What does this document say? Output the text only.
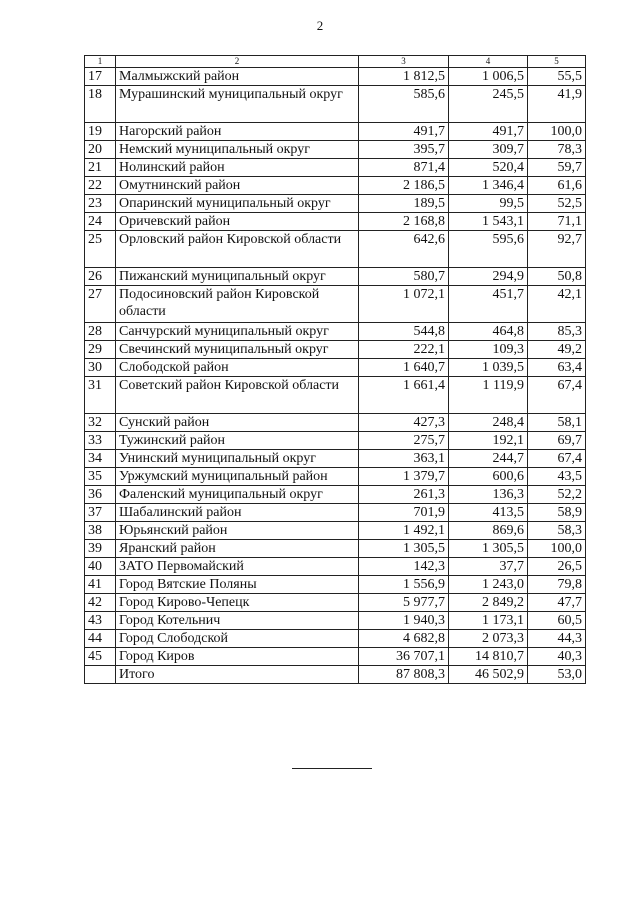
2
1	2	3	4	5
17	Малмыжский район	1 812,5	1 006,5	55,5
18	Мурашинский муниципальный округ	585,6	245,5	41,9
19	Нагорский район	491,7	491,7	100,0
20	Немский муниципальный округ	395,7	309,7	78,3
21	Нолинский район	871,4	520,4	59,7
22	Омутнинский район	2 186,5	1 346,4	61,6
23	Опаринский муниципальный округ	189,5	99,5	52,5
24	Оричевский район	2 168,8	1 543,1	71,1
25	Орловский район Кировской области	642,6	595,6	92,7
26	Пижанский муниципальный округ	580,7	294,9	50,8
27	Подосиновский район Кировской области	1 072,1	451,7	42,1
28	Санчурский муниципальный округ	544,8	464,8	85,3
29	Свечинский муниципальный округ	222,1	109,3	49,2
30	Слободской район	1 640,7	1 039,5	63,4
31	Советский район Кировской области	1 661,4	1 119,9	67,4
32	Сунский район	427,3	248,4	58,1
33	Тужинский район	275,7	192,1	69,7
34	Унинский муниципальный округ	363,1	244,7	67,4
35	Уржумский муниципальный район	1 379,7	600,6	43,5
36	Фаленский муниципальный округ	261,3	136,3	52,2
37	Шабалинский район	701,9	413,5	58,9
38	Юрьянский район	1 492,1	869,6	58,3
39	Яранский район	1 305,5	1 305,5	100,0
40	ЗАТО Первомайский	142,3	37,7	26,5
41	Город Вятские Поляны	1 556,9	1 243,0	79,8
42	Город Кирово-Чепецк	5 977,7	2 849,2	47,7
43	Город Котельнич	1 940,3	1 173,1	60,5
44	Город Слободской	4 682,8	2 073,3	44,3
45	Город Киров	36 707,1	14 810,7	40,3
	Итого	87 808,3	46 502,9	53,0
